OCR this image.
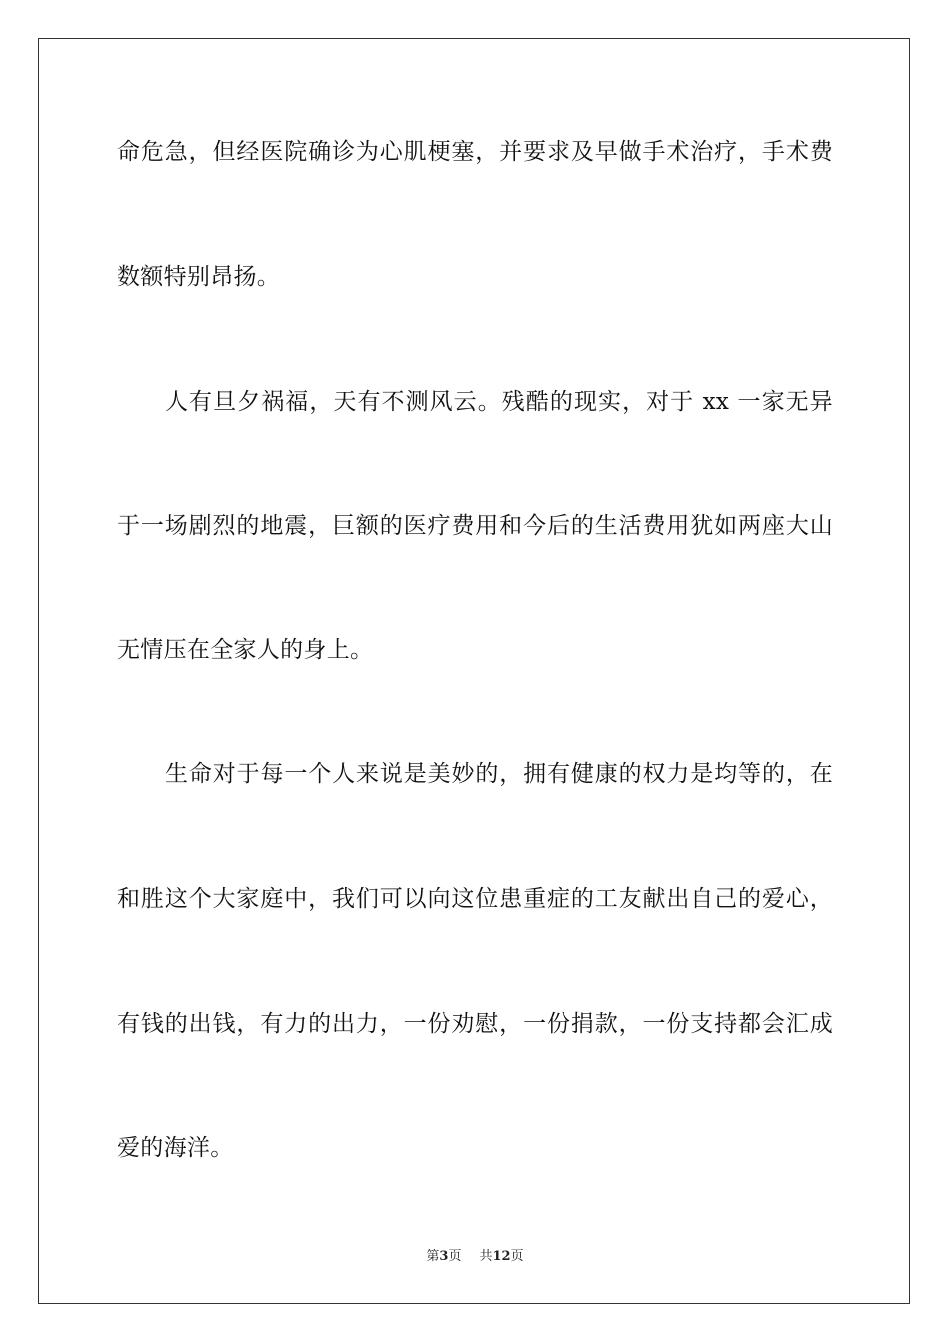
命危急，但经医院确诊为心肌梗塞，并要求及早做手术治疗，手术费
数额特别昂扬。
人有旦夕祸福，天有不测风云。残酷的现实，对于 xx 一家无异
于一场剧烈的地震，巨额的医疗费用和今后的生活费用犹如两座大山
无情压在全家人的身上。
生命对于每一个人来说是美妙的，拥有健康的权力是均等的，在
和胜这个大家庭中，我们可以向这位患重症的工友献出自己的爱心，
有钱的出钱，有力的出力，一份劝慰，一份捐款，一份支持都会汇成
爱的海洋。
第3页 共12页
